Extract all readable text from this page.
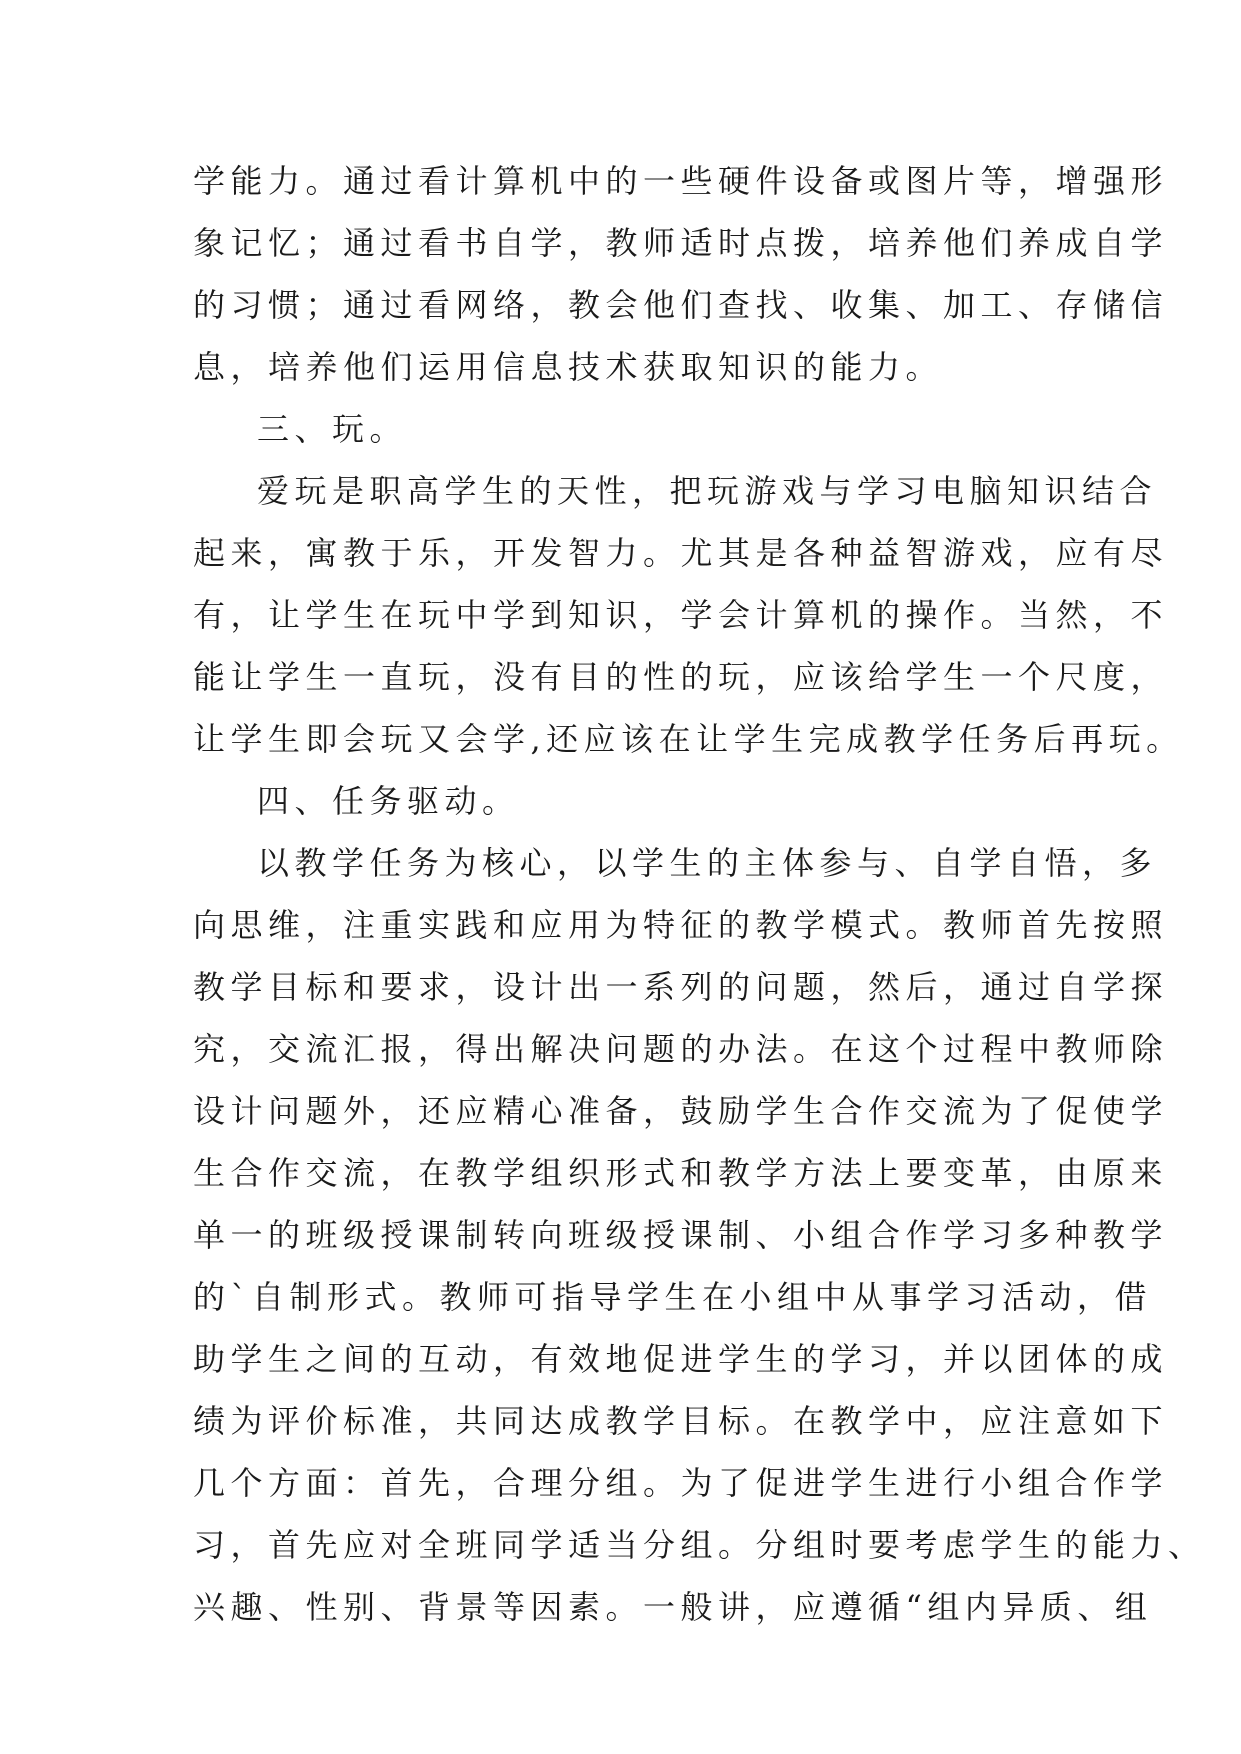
学能力。通过看计算机中的一些硬件设备或图片等，增强形
象记忆；通过看书自学，教师适时点拨，培养他们养成自学
的习惯；通过看网络，教会他们查找、收集、加工、存储信
息，培养他们运用信息技术获取知识的能力。
三、玩。
爱玩是职高学生的天性，把玩游戏与学习电脑知识结合
起来，寓教于乐，开发智力。尤其是各种益智游戏，应有尽
有，让学生在玩中学到知识，学会计算机的操作。当然，不
能让学生一直玩，没有目的性的玩，应该给学生一个尺度，
让学生即会玩又会学,还应该在让学生完成教学任务后再玩。
四、任务驱动。
以教学任务为核心，以学生的主体参与、自学自悟，多
向思维，注重实践和应用为特征的教学模式。教师首先按照
教学目标和要求，设计出一系列的问题，然后，通过自学探
究，交流汇报，得出解决问题的办法。在这个过程中教师除
设计问题外，还应精心准备，鼓励学生合作交流为了促使学
生合作交流，在教学组织形式和教学方法上要变革，由原来
单一的班级授课制转向班级授课制、小组合作学习多种教学
的`自制形式。教师可指导学生在小组中从事学习活动，借
助学生之间的互动，有效地促进学生的学习，并以团体的成
绩为评价标准，共同达成教学目标。在教学中，应注意如下
几个方面：首先，合理分组。为了促进学生进行小组合作学
习，首先应对全班同学适当分组。分组时要考虑学生的能力、
兴趣、性别、背景等因素。一般讲，应遵循“组内异质、组
